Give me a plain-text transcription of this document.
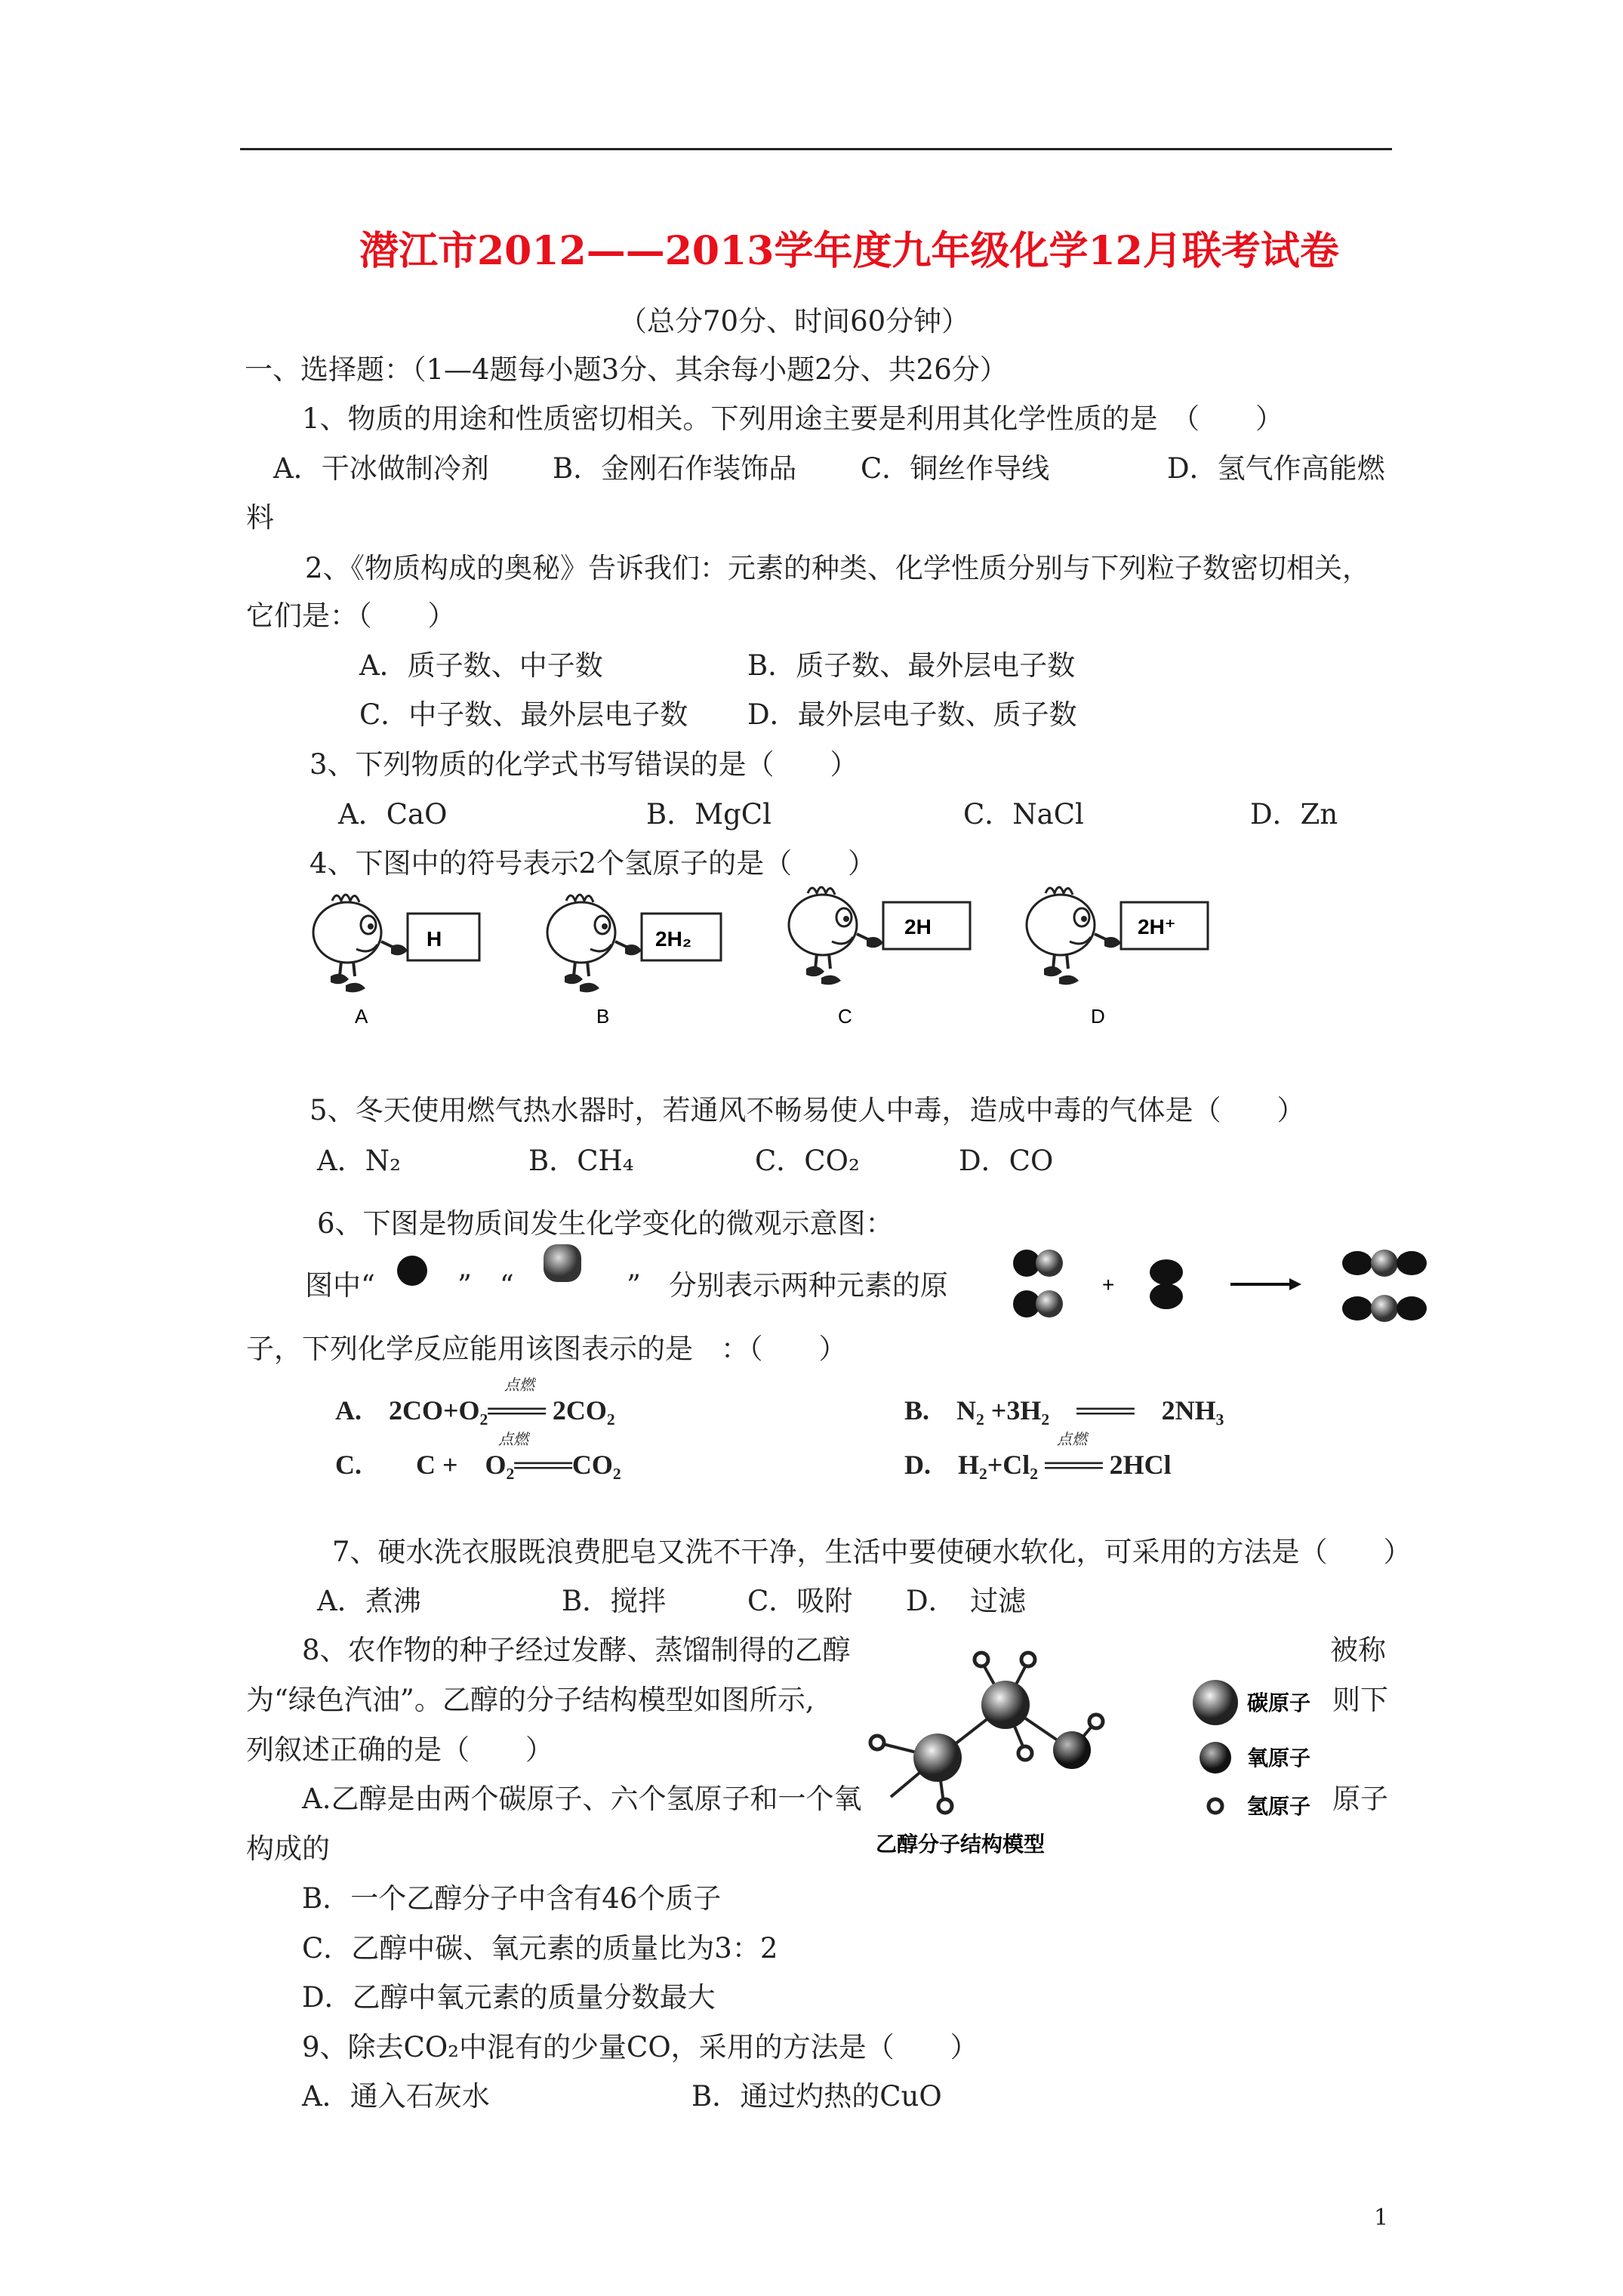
潜江市2012——2013学年度九年级化学12月联考试卷
（总分70分、时间60分钟）
一、选择题：（1—4题每小题3分、其余每小题2分、共26分）
1、物质的用途和性质密切相关。下列用途主要是利用其化学性质的是　（　　）
A．干冰做制冷剂 B．金刚石作装饰品 C．铜丝作导线	D．氢气作高能燃
料
2、《物质构成的奥秘》告诉我们：元素的种类、化学性质分别与下列粒子数密切相关，
它们是：（　　）
A．质子数、中子数	B．质子数、最外层电子数
C．中子数、最外层电子数 D．最外层电子数、质子数
3、下列物质的化学式书写错误的是（　　）
A．CaO	B．MgCl	C．NaCl	D．Zn
4、下图中的符号表示2个氢原子的是（　　）
H
A
2H₂
B
2H
C
2H⁺
D
5、冬天使用燃气热水器时，若通风不畅易使人中毒，造成中毒的气体是（　　）
A．N₂	B．CH₄	C．CO₂	D．CO
6、下图是物质间发生化学变化的微观示意图：
图中“	”　“	”　分别表示两种元素的原	+
子，下列化学反应能用该图表示的是　：（　　）
A.　2CO+O₂═══ 2CO₂
点燃
B.　N₂ +3H₂　═══　2NH₃
C.　　C +　O₂═══CO₂
点燃
D.　H₂+Cl₂ ═══ 2HCl
点燃
7、硬水洗衣服既浪费肥皂又洗不干净，生活中要使硬水软化，可采用的方法是（　　）
A．煮沸	B．搅拌	C．吸附 D．　过滤
8、农作物的种子经过发酵、蒸馏制得的乙醇	被称
为“绿色汽油”。乙醇的分子结构模型如图所示,	则下
列叙述正确的是（　　）
A.乙醇是由两个碳原子、六个氢原子和一个氧	原子
构成的
B．一个乙醇分子中含有46个质子
C．乙醇中碳、氧元素的质量比为3：2
D．乙醇中氧元素的质量分数最大
碳原子
氧原子
氢原子
乙醇分子结构模型
9、除去CO₂中混有的少量CO，采用的方法是（　　）
A．通入石灰水	B．通过灼热的CuO
1
